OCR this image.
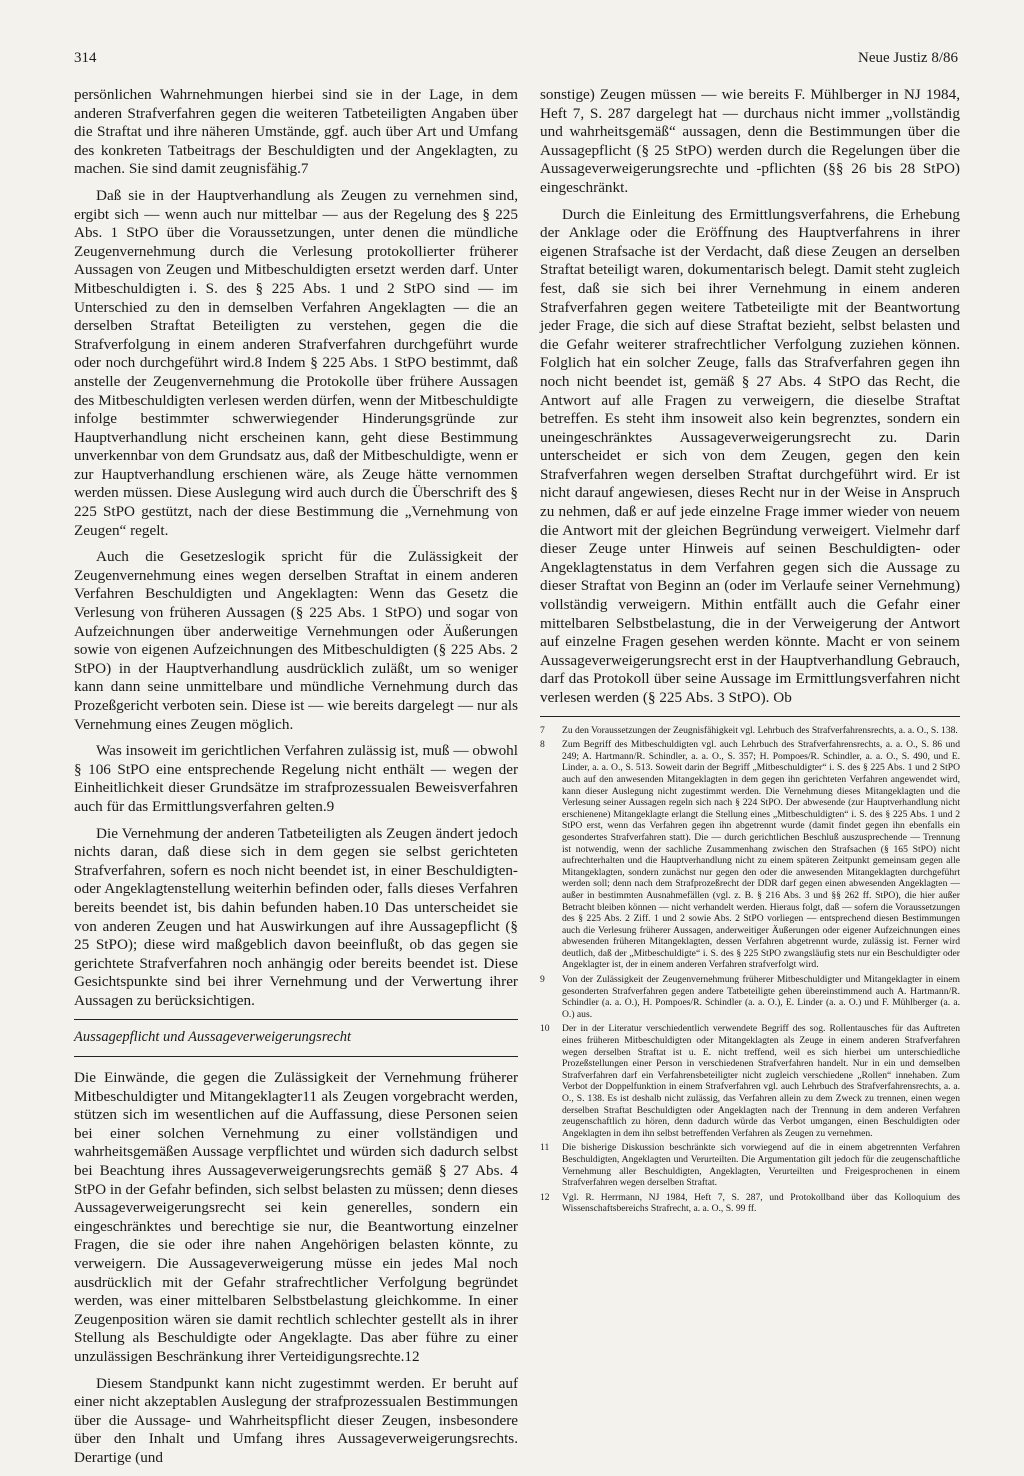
314	Neue Justiz 8/86

persönlichen Wahrnehmungen hierbei sind sie in der Lage, in dem anderen Strafverfahren gegen die weiteren Tatbeteiligten Angaben über die Straftat und ihre näheren Umstände, ggf. auch über Art und Umfang des konkreten Tatbeitrags der Beschuldigten und der Angeklagten, zu machen. Sie sind damit zeugnisfähig.7

Daß sie in der Hauptverhandlung als Zeugen zu vernehmen sind, ergibt sich — wenn auch nur mittelbar — aus der Regelung des § 225 Abs. 1 StPO über die Voraussetzungen, unter denen die mündliche Zeugenvernehmung durch die Verlesung protokollierter früherer Aussagen von Zeugen und Mitbeschuldigten ersetzt werden darf. Unter Mitbeschuldigten i. S. des § 225 Abs. 1 und 2 StPO sind — im Unterschied zu den in demselben Verfahren Angeklagten — die an derselben Straftat Beteiligten zu verstehen, gegen die die Strafverfolgung in einem anderen Strafverfahren durchgeführt wurde oder noch durchgeführt wird.8 Indem § 225 Abs. 1 StPO bestimmt, daß anstelle der Zeugenvernehmung die Protokolle über frühere Aussagen des Mitbeschuldigten verlesen werden dürfen, wenn der Mitbeschuldigte infolge bestimmter schwerwiegender Hinderungsgründe zur Hauptverhandlung nicht erscheinen kann, geht diese Bestimmung unverkennbar von dem Grundsatz aus, daß der Mitbeschuldigte, wenn er zur Hauptverhandlung erschienen wäre, als Zeuge hätte vernommen werden müssen. Diese Auslegung wird auch durch die Überschrift des § 225 StPO gestützt, nach der diese Bestimmung die „Vernehmung von Zeugen“ regelt.

Auch die Gesetzeslogik spricht für die Zulässigkeit der Zeugenvernehmung eines wegen derselben Straftat in einem anderen Verfahren Beschuldigten und Angeklagten: Wenn das Gesetz die Verlesung von früheren Aussagen (§ 225 Abs. 1 StPO) und sogar von Aufzeichnungen über anderweitige Vernehmungen oder Äußerungen sowie von eigenen Aufzeichnungen des Mitbeschuldigten (§ 225 Abs. 2 StPO) in der Hauptverhandlung ausdrücklich zuläßt, um so weniger kann dann seine unmittelbare und mündliche Vernehmung durch das Prozeßgericht verboten sein. Diese ist — wie bereits dargelegt — nur als Vernehmung eines Zeugen möglich.

Was insoweit im gerichtlichen Verfahren zulässig ist, muß — obwohl § 106 StPO eine entsprechende Regelung nicht enthält — wegen der Einheitlichkeit dieser Grundsätze im strafprozessualen Beweisverfahren auch für das Ermittlungsverfahren gelten.9

Die Vernehmung der anderen Tatbeteiligten als Zeugen ändert jedoch nichts daran, daß diese sich in dem gegen sie selbst gerichteten Strafverfahren, sofern es noch nicht beendet ist, in einer Beschuldigten- oder Angeklagtenstellung weiterhin befinden oder, falls dieses Verfahren bereits beendet ist, bis dahin befunden haben.10 Das unterscheidet sie von anderen Zeugen und hat Auswirkungen auf ihre Aussagepflicht (§ 25 StPO); diese wird maßgeblich davon beeinflußt, ob das gegen sie gerichtete Strafverfahren noch anhängig oder bereits beendet ist. Diese Gesichtspunkte sind bei ihrer Vernehmung und der Verwertung ihrer Aussagen zu berücksichtigen.

Aussagepflicht und Aussageverweigerungsrecht

Die Einwände, die gegen die Zulässigkeit der Vernehmung früherer Mitbeschuldigter und Mitangeklagter11 als Zeugen vorgebracht werden, stützen sich im wesentlichen auf die Auffassung, diese Personen seien bei einer solchen Vernehmung zu einer vollständigen und wahrheitsgemäßen Aussage verpflichtet und würden sich dadurch selbst bei Beachtung ihres Aussageverweigerungsrechts gemäß § 27 Abs. 4 StPO in der Gefahr befinden, sich selbst belasten zu müssen; denn dieses Aussageverweigerungsrecht sei kein generelles, sondern ein eingeschränktes und berechtige sie nur, die Beantwortung einzelner Fragen, die sie oder ihre nahen Angehörigen belasten könnte, zu verweigern. Die Aussageverweigerung müsse ein jedes Mal noch ausdrücklich mit der Gefahr strafrechtlicher Verfolgung begründet werden, was einer mittelbaren Selbstbelastung gleichkomme. In einer Zeugenposition wären sie damit rechtlich schlechter gestellt als in ihrer Stellung als Beschuldigte oder Angeklagte. Das aber führe zu einer unzulässigen Beschränkung ihrer Verteidigungsrechte.12

Diesem Standpunkt kann nicht zugestimmt werden. Er beruht auf einer nicht akzeptablen Auslegung der strafprozessualen Bestimmungen über die Aussage- und Wahrheitspflicht dieser Zeugen, insbesondere über den Inhalt und Umfang ihres Aussageverweigerungsrechts. Derartige (und

sonstige) Zeugen müssen — wie bereits F. Mühlberger in NJ 1984, Heft 7, S. 287 dargelegt hat — durchaus nicht immer „vollständig und wahrheitsgemäß“ aussagen, denn die Bestimmungen über die Aussagepflicht (§ 25 StPO) werden durch die Regelungen über die Aussageverweigerungsrechte und -pflichten (§§ 26 bis 28 StPO) eingeschränkt.

Durch die Einleitung des Ermittlungsverfahrens, die Erhebung der Anklage oder die Eröffnung des Hauptverfahrens in ihrer eigenen Strafsache ist der Verdacht, daß diese Zeugen an derselben Straftat beteiligt waren, dokumentarisch belegt. Damit steht zugleich fest, daß sie sich bei ihrer Vernehmung in einem anderen Strafverfahren gegen weitere Tatbeteiligte mit der Beantwortung jeder Frage, die sich auf diese Straftat bezieht, selbst belasten und die Gefahr weiterer strafrechtlicher Verfolgung zuziehen können. Folglich hat ein solcher Zeuge, falls das Strafverfahren gegen ihn noch nicht beendet ist, gemäß § 27 Abs. 4 StPO das Recht, die Antwort auf alle Fragen zu verweigern, die dieselbe Straftat betreffen. Es steht ihm insoweit also kein begrenztes, sondern ein uneingeschränktes Aussageverweigerungsrecht zu. Darin unterscheidet er sich von dem Zeugen, gegen den kein Strafverfahren wegen derselben Straftat durchgeführt wird. Er ist nicht darauf angewiesen, dieses Recht nur in der Weise in Anspruch zu nehmen, daß er auf jede einzelne Frage immer wieder von neuem die Antwort mit der gleichen Begründung verweigert. Vielmehr darf dieser Zeuge unter Hinweis auf seinen Beschuldigten- oder Angeklagtenstatus in dem Verfahren gegen sich die Aussage zu dieser Straftat von Beginn an (oder im Verlaufe seiner Vernehmung) vollständig verweigern. Mithin entfällt auch die Gefahr einer mittelbaren Selbstbelastung, die in der Verweigerung der Antwort auf einzelne Fragen gesehen werden könnte. Macht er von seinem Aussageverweigerungsrecht erst in der Hauptverhandlung Gebrauch, darf das Protokoll über seine Aussage im Ermittlungsverfahren nicht verlesen werden (§ 225 Abs. 3 StPO). Ob

7	Zu den Voraussetzungen der Zeugnisfähigkeit vgl. Lehrbuch des Strafverfahrensrechts, a. a. O., S. 138.
8	Zum Begriff des Mitbeschuldigten vgl. auch Lehrbuch des Strafverfahrensrechts, a. a. O., S. 86 und 249; A. Hartmann/R. Schindler, a. a. O., S. 357; H. Pompoes/R. Schindler, a. a. O., S. 490, und E. Linder, a. a. O., S. 513. Soweit darin der Begriff „Mitbeschuldigter“ i. S. des § 225 Abs. 1 und 2 StPO auch auf den anwesenden Mitangeklagten in dem gegen ihn gerichteten Verfahren angewendet wird, kann dieser Auslegung nicht zugestimmt werden. Die Vernehmung dieses Mitangeklagten und die Verlesung seiner Aussagen regeln sich nach § 224 StPO. Der abwesende (zur Hauptverhandlung nicht erschienene) Mitangeklagte erlangt die Stellung eines „Mitbeschuldigten“ i. S. des § 225 Abs. 1 und 2 StPO erst, wenn das Verfahren gegen ihn abgetrennt wurde (damit findet gegen ihn ebenfalls ein gesondertes Strafverfahren statt). Die — durch gerichtlichen Beschluß auszusprechende — Trennung ist notwendig, wenn der sachliche Zusammenhang zwischen den Strafsachen (§ 165 StPO) nicht aufrechterhalten und die Hauptverhandlung nicht zu einem späteren Zeitpunkt gemeinsam gegen alle Mitangeklagten, sondern zunächst nur gegen den oder die anwesenden Mitangeklagten durchgeführt werden soll; denn nach dem Strafprozeßrecht der DDR darf gegen einen abwesenden Angeklagten — außer in bestimmten Ausnahmefällen (vgl. z. B. § 216 Abs. 3 und §§ 262 ff. StPO), die hier außer Betracht bleiben können — nicht verhandelt werden. Hieraus folgt, daß — sofern die Voraussetzungen des § 225 Abs. 2 Ziff. 1 und 2 sowie Abs. 2 StPO vorliegen — entsprechend diesen Bestimmungen auch die Verlesung früherer Aussagen, anderweitiger Äußerungen oder eigener Aufzeichnungen eines abwesenden früheren Mitangeklagten, dessen Verfahren abgetrennt wurde, zulässig ist. Ferner wird deutlich, daß der „Mitbeschuldigte“ i. S. des § 225 StPO zwangsläufig stets nur ein Beschuldigter oder Angeklagter ist, der in einem anderen Verfahren strafverfolgt wird.
9	Von der Zulässigkeit der Zeugenvernehmung früherer Mitbeschuldigter und Mitangeklagter in einem gesonderten Strafverfahren gegen andere Tatbeteiligte gehen übereinstimmend auch A. Hartmann/R. Schindler (a. a. O.), H. Pompoes/R. Schindler (a. a. O.), E. Linder (a. a. O.) und F. Mühlberger (a. a. O.) aus.
10	Der in der Literatur verschiedentlich verwendete Begriff des sog. Rollentausches für das Auftreten eines früheren Mitbeschuldigten oder Mitangeklagten als Zeuge in einem anderen Strafverfahren wegen derselben Straftat ist u. E. nicht treffend, weil es sich hierbei um unterschiedliche Prozeßstellungen einer Person in verschiedenen Strafverfahren handelt. Nur in ein und demselben Strafverfahren darf ein Verfahrensbeteiligter nicht zugleich verschiedene „Rollen“ innehaben. Zum Verbot der Doppelfunktion in einem Strafverfahren vgl. auch Lehrbuch des Strafverfahrensrechts, a. a. O., S. 138. Es ist deshalb nicht zulässig, das Verfahren allein zu dem Zweck zu trennen, einen wegen derselben Straftat Beschuldigten oder Angeklagten nach der Trennung in dem anderen Verfahren zeugenschaftlich zu hören, denn dadurch würde das Verbot umgangen, einen Beschuldigten oder Angeklagten in dem ihn selbst betreffenden Verfahren als Zeugen zu vernehmen.
11	Die bisherige Diskussion beschränkte sich vorwiegend auf die in einem abgetrennten Verfahren Beschuldigten, Angeklagten und Verurteilten. Die Argumentation gilt jedoch für die zeugenschaftliche Vernehmung aller Beschuldigten, Angeklagten, Verurteilten und Freigesprochenen in einem Strafverfahren wegen derselben Straftat.
12	Vgl. R. Herrmann, NJ 1984, Heft 7, S. 287, und Protokollband über das Kolloquium des Wissenschaftsbereichs Strafrecht, a. a. O., S. 99 ff.
